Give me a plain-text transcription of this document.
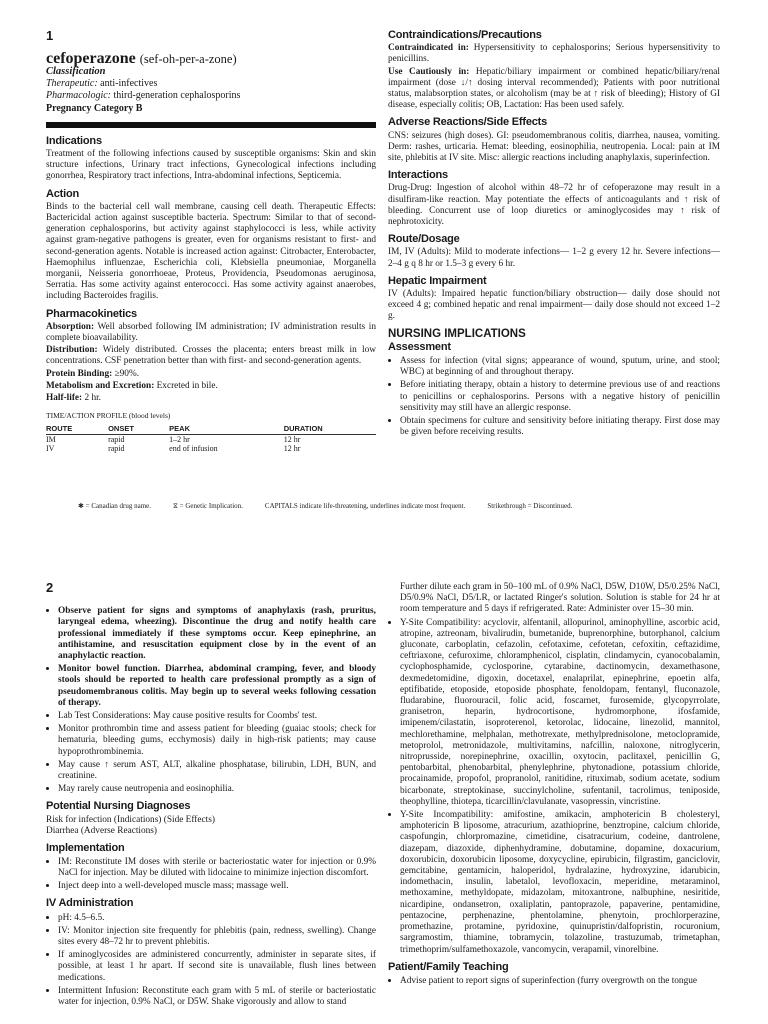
1
cefoperazone (sef-oh-per-a-zone)
Classification
Therapeutic: anti-infectives
Pharmacologic: third-generation cephalosporins
Pregnancy Category B
Indications

Treatment of the following infections caused by susceptible organisms: Skin and skin structure infections, Urinary tract infections, Gynecological infections including gonorrhea, Respiratory tract infections, Intra-abdominal infections, Septicemia.

Action

Binds to the bacterial cell wall membrane, causing cell death. Therapeutic Effects: Bactericidal action against susceptible bacteria. Spectrum: Similar to that of second-generation cephalosporins, but activity against staphylococci is less, while activity against gram-negative pathogens is greater, even for organisms resistant to first- and second-generation agents. Notable is increased action against: Citrobacter, Enterobacter, Haemophilus influenzae, Escherichia coli, Klebsiella pneumoniae, Morganella morganii, Neisseria gonorrhoeae, Proteus, Providencia, Pseudomonas aeruginosa, Serratia. Has some activity against enterococci. Has some activity against anaerobes, including Bacteroides fragilis.

Pharmacokinetics

Absorption: Well absorbed following IM administration; IV administration results in complete bioavailability.

Distribution: Widely distributed. Crosses the placenta; enters breast milk in low concentrations. CSF penetration better than with first- and second-generation agents.

Protein Binding: ≥90%.

Metabolism and Excretion: Excreted in bile.

Half-life: 2 hr.

TIME/ACTION PROFILE (blood levels)
ROUTE	ONSET	PEAK	DURATION
IM	rapid	1–2 hr	12 hr
IV	rapid	end of infusion	12 hr
Contraindications/Precautions

Contraindicated in: Hypersensitivity to cephalosporins; Serious hypersensitivity to penicillins.

Use Cautiously in: Hepatic/biliary impairment or combined hepatic/biliary/renal impairment (dose ↓/↑ dosing interval recommended); Patients with poor nutritional status, malabsorption states, or alcoholism (may be at ↑ risk of bleeding); History of GI disease, especially colitis; OB, Lactation: Has been used safely.

Adverse Reactions/Side Effects

CNS: seizures (high doses). GI: pseudomembranous colitis, diarrhea, nausea, vomiting. Derm: rashes, urticaria. Hemat: bleeding, eosinophilia, neutropenia. Local: pain at IM site, phlebitis at IV site. Misc: allergic reactions including anaphylaxis, superinfection.

Interactions

Drug-Drug: Ingestion of alcohol within 48–72 hr of cefoperazone may result in a disulfiram-like reaction. May potentiate the effects of anticoagulants and ↑ risk of bleeding. Concurrent use of loop diuretics or aminoglycosides may ↑ risk of nephrotoxicity.

Route/Dosage

IM, IV (Adults): Mild to moderate infections— 1–2 g every 12 hr. Severe infections— 2–4 g q 8 hr or 1.5–3 g every 6 hr.

Hepatic Impairment

IV (Adults): Impaired hepatic function/biliary obstruction— daily dose should not exceed 4 g; combined hepatic and renal impairment— daily dose should not exceed 1–2 g.

NURSING IMPLICATIONS
Assessment
• Assess for infection (vital signs; appearance of wound, sputum, urine, and stool; WBC) at beginning of and throughout therapy.
• Before initiating therapy, obtain a history to determine previous use of and reactions to penicillins or cephalosporins. Persons with a negative history of penicillin sensitivity may still have an allergic response.
• Obtain specimens for culture and sensitivity before initiating therapy. First dose may be given before receiving results.
✱ = Canadian drug name.	⧖ = Genetic Implication.	CAPITALS indicate life-threatening, underlines indicate most frequent.	Strikethrough = Discontinued.
2
• Observe patient for signs and symptoms of anaphylaxis (rash, pruritus, laryngeal edema, wheezing). Discontinue the drug and notify health care professional immediately if these symptoms occur. Keep epinephrine, an antihistamine, and resuscitation equipment close by in the event of an anaphylactic reaction.
• Monitor bowel function. Diarrhea, abdominal cramping, fever, and bloody stools should be reported to health care professional promptly as a sign of pseudomembranous colitis. May begin up to several weeks following cessation of therapy.
• Lab Test Considerations: May cause positive results for Coombs' test.
• Monitor prothrombin time and assess patient for bleeding (guaiac stools; check for hematuria, bleeding gums, ecchymosis) daily in high-risk patients; may cause hypoprothrombinemia.
• May cause ↑ serum AST, ALT, alkaline phosphatase, bilirubin, LDH, BUN, and creatinine.
• May rarely cause neutropenia and eosinophilia.
Potential Nursing Diagnoses
Risk for infection (Indications) (Side Effects)
Diarrhea (Adverse Reactions)
Implementation
• IM: Reconstitute IM doses with sterile or bacteriostatic water for injection or 0.9% NaCl for injection. May be diluted with lidocaine to minimize injection discomfort.
• Inject deep into a well-developed muscle mass; massage well.
IV Administration
• pH: 4.5–6.5.
• IV: Monitor injection site frequently for phlebitis (pain, redness, swelling). Change sites every 48–72 hr to prevent phlebitis.
• If aminoglycosides are administered concurrently, administer in separate sites, if possible, at least 1 hr apart. If second site is unavailable, flush lines between medications.
• Intermittent Infusion: Reconstitute each gram with 5 mL of sterile or bacteriostatic water for injection, 0.9% NaCl, or D5W. Shake vigorously and allow to stand

Further dilute each gram in 50–100 mL of 0.9% NaCl, D5W, D10W, D5/0.25% NaCl, D5/0.9% NaCl, D5/LR, or lactated Ringer's solution. Solution is stable for 24 hr at room temperature and 5 days if refrigerated. Rate: Administer over 15–30 min.

• Y-Site Compatibility: acyclovir, alfentanil, allopurinol, aminophylline, ascorbic acid, atropine, aztreonam, bivalirudin, bumetanide, buprenorphine, butorphanol, calcium gluconate, carboplatin, cefazolin, cefotaxime, cefotetan, cefoxitin, ceftazidime, ceftriaxone, cefuroxime, chloramphenicol, cisplatin, clindamycin, cyanocobalamin, cyclophosphamide, cyclosporine, cytarabine, dactinomycin, dexamethasone, dexmedetomidine, digoxin, docetaxel, enalaprilat, epinephrine, epoetin alfa, eptifibatide, etoposide, etoposide phosphate, fenoldopam, fentanyl, fluconazole, fludarabine, fluorouracil, folic acid, foscarnet, furosemide, glycopyrrolate, granisetron, heparin, hydrocortisone, hydromorphone, ifosfamide, imipenem/cilastatin, isoproterenol, ketorolac, lidocaine, linezolid, mannitol, mechlorethamine, melphalan, methotrexate, methylprednisolone, metoclopramide, metoprolol, metronidazole, multivitamins, nafcillin, naloxone, nitroglycerin, nitroprusside, norepinephrine, oxacillin, oxytocin, paclitaxel, penicillin G, pentobarbital, phenobarbital, phenylephrine, phytonadione, potassium chloride, procainamide, propofol, propranolol, ranitidine, rituximab, sodium acetate, sodium bicarbonate, streptokinase, succinylcholine, sufentanil, tacrolimus, teniposide, theophylline, thiotepa, ticarcillin/clavulanate, vasopressin, vincristine.
• Y-Site Incompatibility: amifostine, amikacin, amphotericin B cholesteryl, amphotericin B liposome, atracurium, azathioprine, benztropine, calcium chloride, caspofungin, chlorpromazine, cimetidine, cisatracurium, codeine, dantrolene, diazepam, diazoxide, diphenhydramine, dobutamine, dopamine, doxacurium, doxorubicin, doxorubicin liposome, doxycycline, epirubicin, filgrastim, ganciclovir, gemcitabine, gentamicin, haloperidol, hydralazine, hydroxyzine, idarubicin, indomethacin, insulin, labetalol, levofloxacin, meperidine, metaraminol, methoxamine, methyldopate, midazolam, mitoxantrone, nalbuphine, nesiritide, nicardipine, ondansetron, oxaliplatin, pantoprazole, papaverine, pentamidine, pentazocine, perphenazine, phentolamine, phenytoin, prochlorperazine, promethazine, protamine, pyridoxine, quinupristin/dalfopristin, rocuronium, sargramostim, thiamine, tobramycin, tolazoline, trastuzumab, trimetaphan, trimethoprim/sulfamethoxazole, vancomycin, verapamil, vinorelbine.
Patient/Family Teaching
• Advise patient to report signs of superinfection (furry overgrowth on the tongue
